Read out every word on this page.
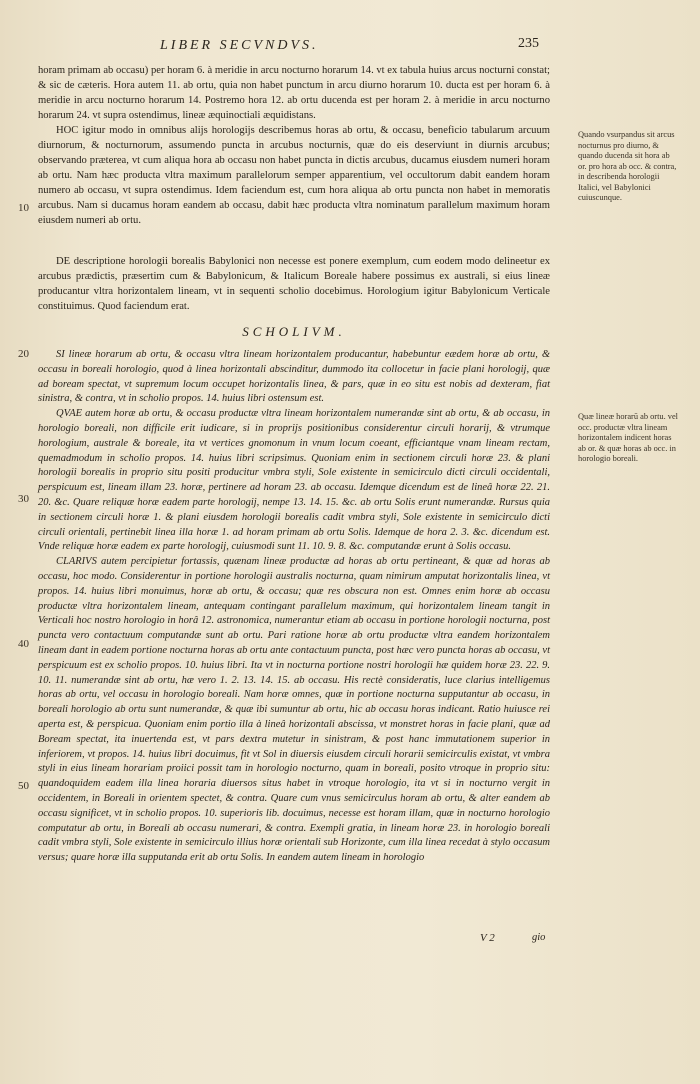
LIBER SECVNDVS.	235
10
20
30
40
50

horam primam ab occasu) per horam 6. à meridie in arcu nocturno horarum 14. vt ex tabula huius arcus nocturni constat; & sic de cæteris. Hora autem 11. ab ortu, quia non habet punctum in arcu diurno horarum 10. ducta est per horam 6. à meridie in arcu nocturno horarum 14. Postremo hora 12. ab ortu ducenda est per horam 2. à meridie in arcu nocturno horarum 24. vt supra ostendimus, lineæ æquinoctiali æquidistans.

HOC igitur modo in omnibus alijs horologijs describemus horas ab ortu, & occasu, beneficio tabularum arcuum diurnorum, & nocturnorum, assumendo puncta in arcubus nocturnis, quæ do eis deserviunt in diurnis arcubus; observando præterea, vt cum aliqua hora ab occasu non habet puncta in dictis arcubus, ducamus eiusdem numeri horam ab ortu. Nam hæc producta vltra maximum parallelorum semper apparentium, vel occultorum dabit eandem horam numero ab occasu, vt supra ostendimus. Idem faciendum est, cum hora aliqua ab ortu puncta non habet in memoratis arcubus. Nam si ducamus horam eandem ab occasu, dabit hæc producta vltra nominatum parallelum maximum horam eiusdem numeri ab ortu.

DE descriptione horologii borealis Babylonici non necesse est ponere exemplum, cum eodem modo delineetur ex arcubus prædictis, præsertim cum & Babylonicum, & Italicum Boreale habere possimus ex australi, si eius lineæ producantur vltra horizontalem lineam, vt in sequenti scholio docebimus. Horologium igitur Babylonicum Verticale constituimus. Quod faciendum erat.

SCHOLIVM.

SI lineæ horarum ab ortu, & occasu vltra lineam horizontalem producantur, habebuntur eædem horæ ab ortu, & occasu in boreali horologio, quod à linea horizontali abscinditur, dummodo ita collocetur in facie plani horologij, quæ ad boream spectat, vt supremum locum occupet horizontalis linea, & pars, quæ in eo situ est nobis ad dexteram, fiat sinistra, & contra, vt in scholio propos. 14. huius libri ostensum est.

QVAE autem horæ ab ortu, & occasu productæ vltra lineam horizontalem numerandæ sint ab ortu, & ab occasu, in horologio boreali, non difficile erit iudicare, si in proprijs positionibus considerentur circuli horarij, & vtrumque horologium, australe & boreale, ita vt vertices gnomonum in vnum locum coeant, efficiantque vnam lineam rectam, quemadmodum in scholio propos. 14. huius libri scripsimus. Quoniam enim in sectionem circuli horæ 23. & plani horologii borealis in proprio situ positi producitur vmbra styli, Sole existente in semicirculo dicti circuli occidentali, perspicuum est, lineam illam 23. horæ, pertinere ad horam 23. ab occasu. Idemque dicendum est de lineâ horæ 22. 21. 20. &c. Quare reliquæ horæ eadem parte horologij, nempe 13. 14. 15. &c. ab ortu Solis erunt numerandæ. Rursus quia in sectionem circuli horæ 1. & plani eiusdem horologii borealis cadit vmbra styli, Sole existente in semicirculo dicti circuli orientali, pertinebit linea illa horæ 1. ad horam primam ab ortu Solis. Idemque de hora 2. 3. &c. dicendum est. Vnde reliquæ horæ eadem ex parte horologij, cuiusmodi sunt 11. 10. 9. 8. &c. computandæ erunt à Solis occasu.

CLARIVS autem percipietur fortassis, quænam lineæ productæ ad horas ab ortu pertineant, & quæ ad horas ab occasu, hoc modo. Considerentur in portione horologii australis nocturna, quam nimirum amputat horizontalis linea, vt propos. 14. huius libri monuimus, horæ ab ortu, & occasu; quæ res obscura non est. Omnes enim horæ ab occasu productæ vltra horizontalem lineam, antequam contingant parallelum maximum, qui horizontalem lineam tangit in Verticali hoc nostro horologio in horâ 12. astronomica, numerantur etiam ab occasu in portione horologii nocturna, post puncta vero contactuum computandæ sunt ab ortu. Pari ratione horæ ab ortu productæ vltra eandem horizontalem lineam dant in eadem portione nocturna horas ab ortu ante contactuum puncta, post hæc vero puncta horas ab occasu, vt perspicuum est ex scholio propos. 10. huius libri. Ita vt in nocturna portione nostri horologii hæ quidem horæ 23. 22. 9. 10. 11. numerandæ sint ab ortu, hæ vero 1. 2. 13. 14. 15. ab occasu. His rectè consideratis, luce clarius intelligemus horas ab ortu, vel occasu in horologio boreali. Nam horæ omnes, quæ in portione nocturna supputantur ab occasu, in boreali horologio ab ortu sunt numerandæ, & quæ ibi sumuntur ab ortu, hic ab occasu horas indicant. Ratio huiusce rei aperta est, & perspicua. Quoniam enim portio illa à lineâ horizontali abscissa, vt monstret horas in facie plani, quæ ad Boream spectat, ita inuertenda est, vt pars dextra mutetur in sinistram, & post hanc immutationem superior in inferiorem, vt propos. 14. huius libri docuimus, fit vt Sol in diuersis eiusdem circuli horarii semicirculis existat, vt vmbra styli in eius lineam horariam proiici possit tam in horologio nocturno, quam in boreali, posito vtroque in proprio situ: quandoquidem eadem illa linea horaria diuersos situs habet in vtroque horologio, ita vt si in nocturno vergit in occidentem, in Boreali in orientem spectet, & contra. Quare cum vnus semicirculus horam ab ortu, & alter eandem ab occasu significet, vt in scholio propos. 10. superioris lib. docuimus, necesse est horam illam, quæ in nocturno horologio computatur ab ortu, in Boreali ab occasu numerari, & contra. Exempli gratia, in lineam horæ 23. in horologio boreali cadit vmbra styli, Sole existente in semicirculo illius horæ orientali sub Horizonte, cum illa linea recedat à stylo occasum versus; quare horæ illa supputanda erit ab ortu Solis. In eandem autem lineam in horologio

Quando vsurpandus sit arcus nocturnus pro diurno, & quando ducenda sit hora ab or. pro hora ab occ. & contra, in describenda horologii Italici, vel Babylonici cuiuscunque.
Quæ lineæ horarū ab ortu. vel occ. productæ vltra lineam horizontalem indicent horas ab or. & quæ horas ab occ. in horologio boreali.
V 2	gio
